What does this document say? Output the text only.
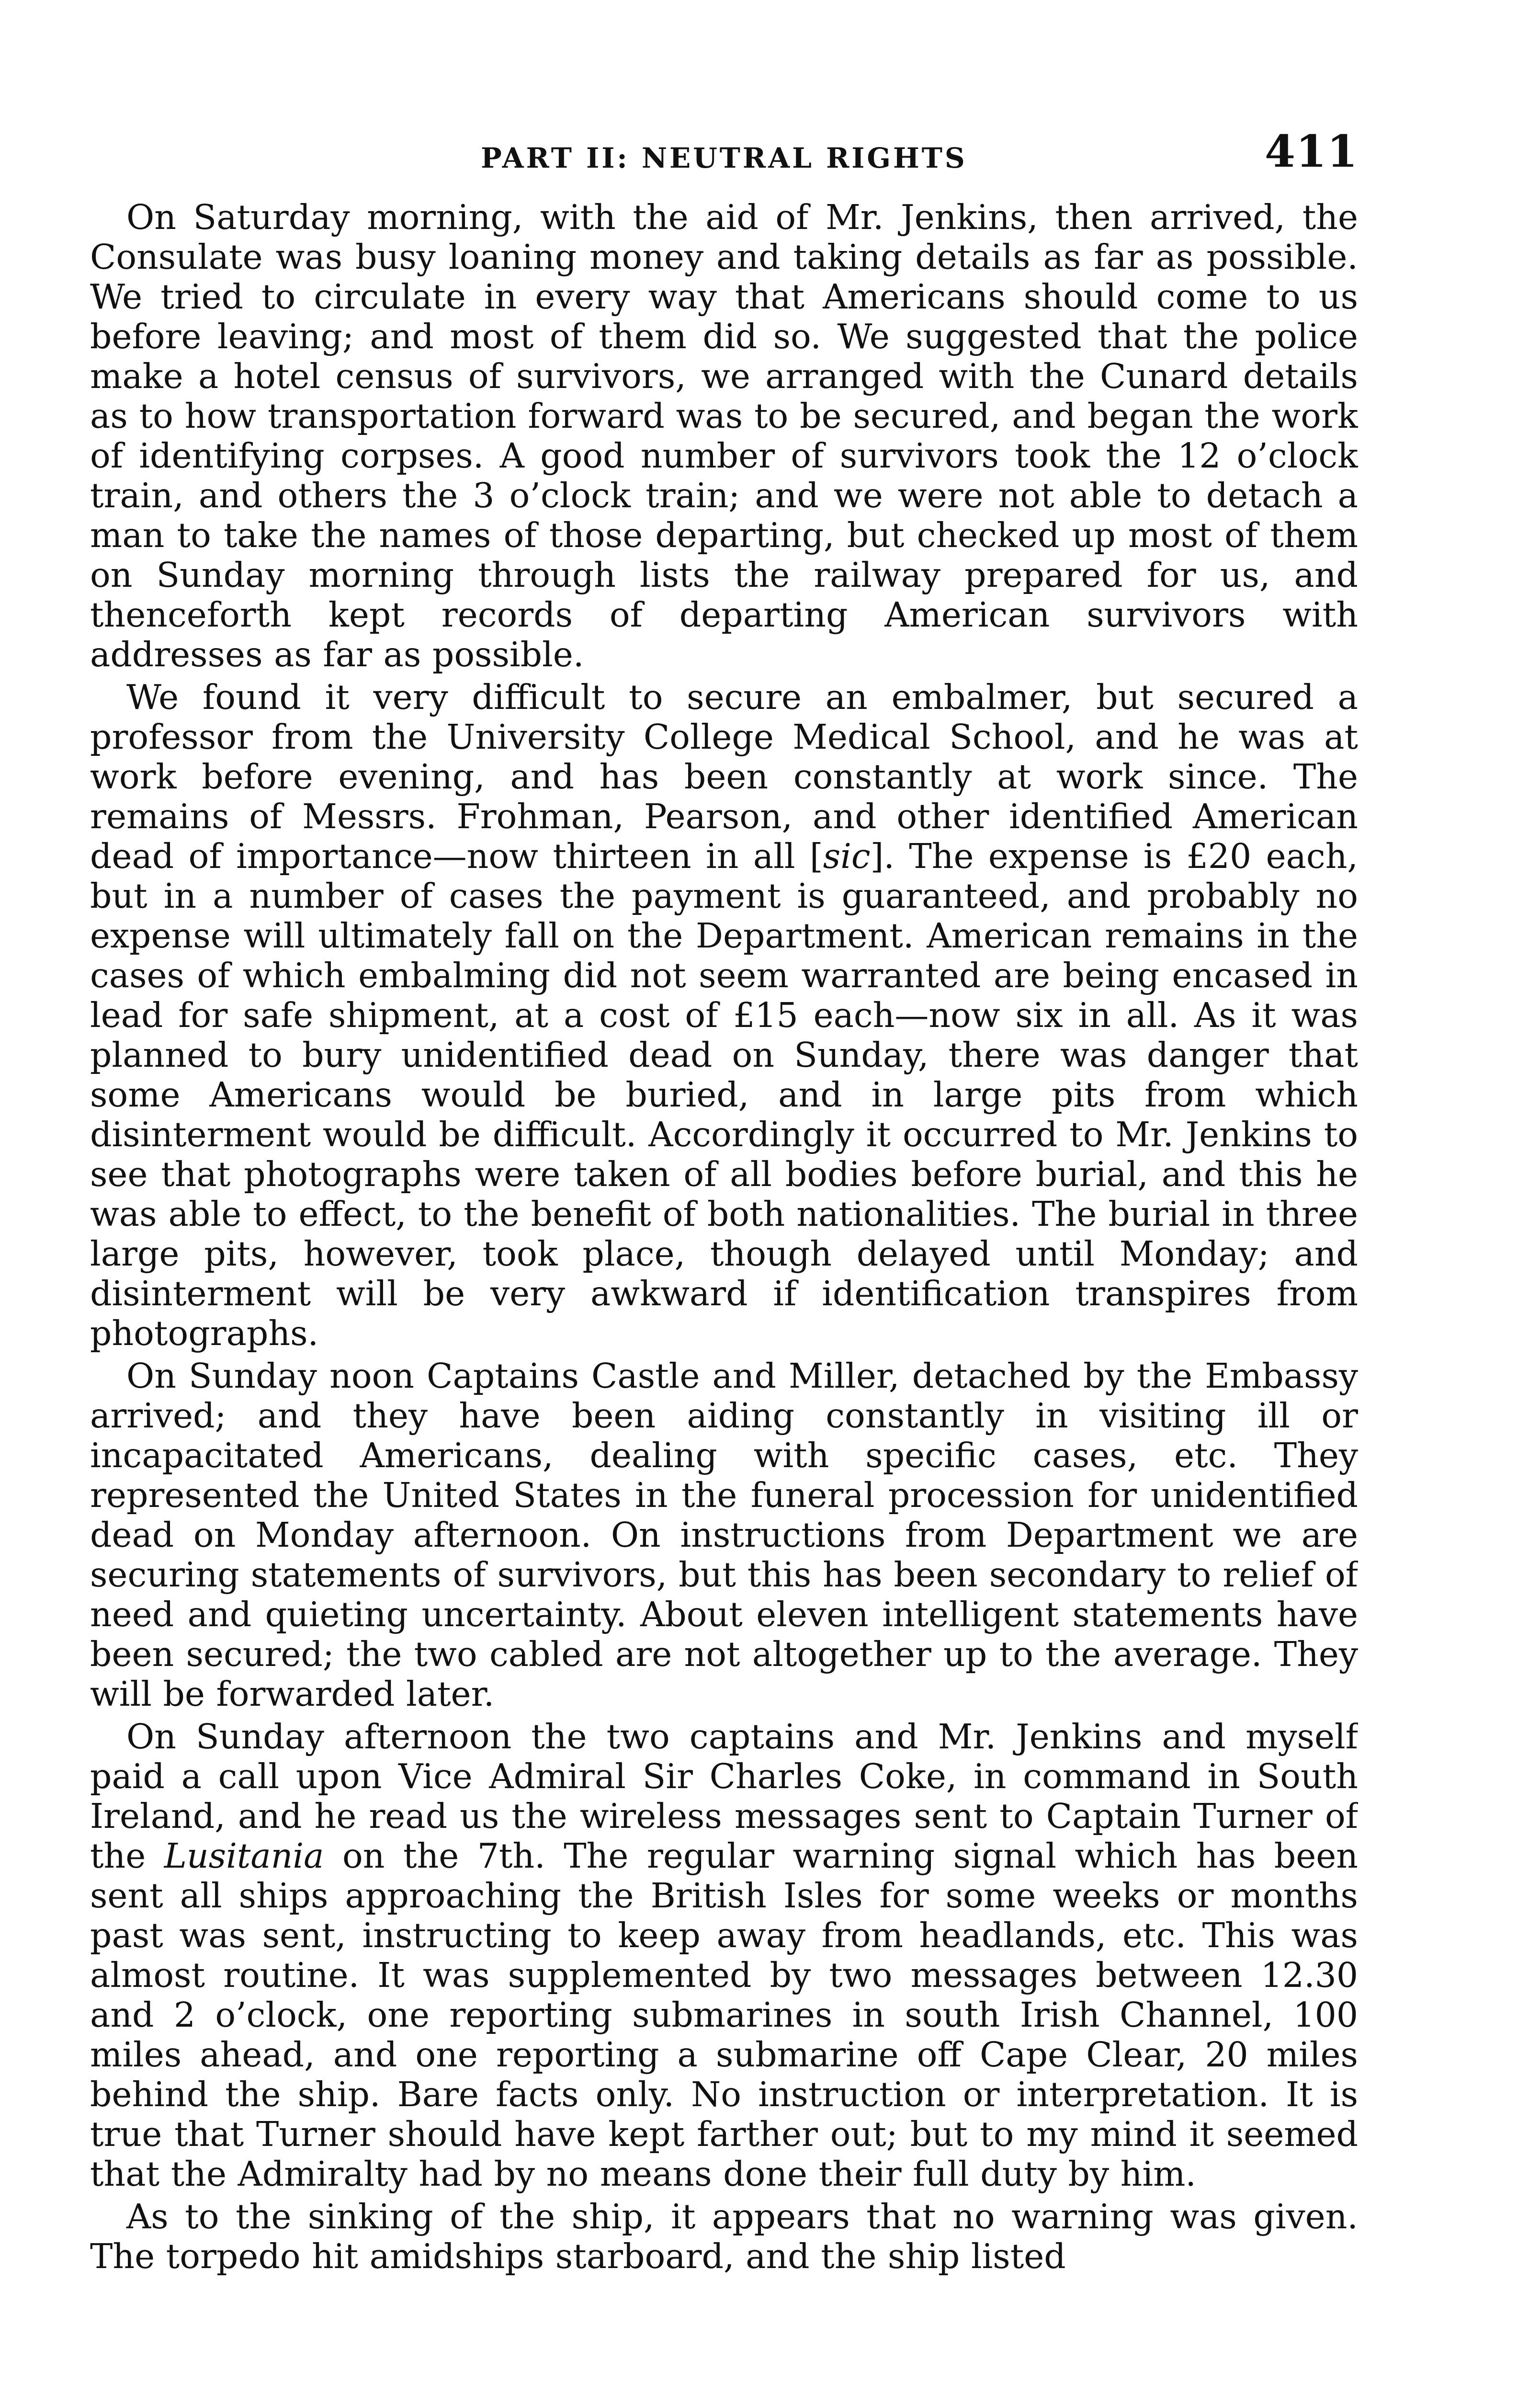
PART II: NEUTRAL RIGHTS	411

On Saturday morning, with the aid of Mr. Jenkins, then arrived, the Consulate was busy loaning money and taking details as far as possible. We tried to circulate in every way that Americans should come to us before leaving; and most of them did so. We suggested that the police make a hotel census of survivors, we arranged with the Cunard details as to how transportation forward was to be secured, and began the work of identifying corpses. A good number of survivors took the 12 o’clock train, and others the 3 o’clock train; and we were not able to detach a man to take the names of those departing, but checked up most of them on Sunday morning through lists the railway prepared for us, and thenceforth kept records of departing American survivors with addresses as far as possible.

We found it very difficult to secure an embalmer, but secured a professor from the University College Medical School, and he was at work before evening, and has been constantly at work since. The remains of Messrs. Frohman, Pearson, and other identified American dead of importance—now thirteen in all [sic]. The expense is £20 each, but in a number of cases the payment is guaranteed, and probably no expense will ultimately fall on the Department. American remains in the cases of which embalming did not seem warranted are being encased in lead for safe shipment, at a cost of £15 each—now six in all. As it was planned to bury unidentified dead on Sunday, there was danger that some Americans would be buried, and in large pits from which disinterment would be difficult. Accordingly it occurred to Mr. Jenkins to see that photographs were taken of all bodies before burial, and this he was able to effect, to the benefit of both nationalities. The burial in three large pits, however, took place, though delayed until Monday; and disinterment will be very awkward if identification transpires from photographs.

On Sunday noon Captains Castle and Miller, detached by the Embassy arrived; and they have been aiding constantly in visiting ill or incapacitated Americans, dealing with specific cases, etc. They represented the United States in the funeral procession for unidentified dead on Monday afternoon. On instructions from Department we are securing statements of survivors, but this has been secondary to relief of need and quieting uncertainty. About eleven intelligent statements have been secured; the two cabled are not altogether up to the average. They will be forwarded later.

On Sunday afternoon the two captains and Mr. Jenkins and myself paid a call upon Vice Admiral Sir Charles Coke, in command in South Ireland, and he read us the wireless messages sent to Captain Turner of the Lusitania on the 7th. The regular warning signal which has been sent all ships approaching the British Isles for some weeks or months past was sent, instructing to keep away from headlands, etc. This was almost routine. It was supplemented by two messages between 12.30 and 2 o’clock, one reporting submarines in south Irish Channel, 100 miles ahead, and one reporting a submarine off Cape Clear, 20 miles behind the ship. Bare facts only. No instruction or interpretation. It is true that Turner should have kept farther out; but to my mind it seemed that the Admiralty had by no means done their full duty by him.

As to the sinking of the ship, it appears that no warning was given. The torpedo hit amidships starboard, and the ship listed
